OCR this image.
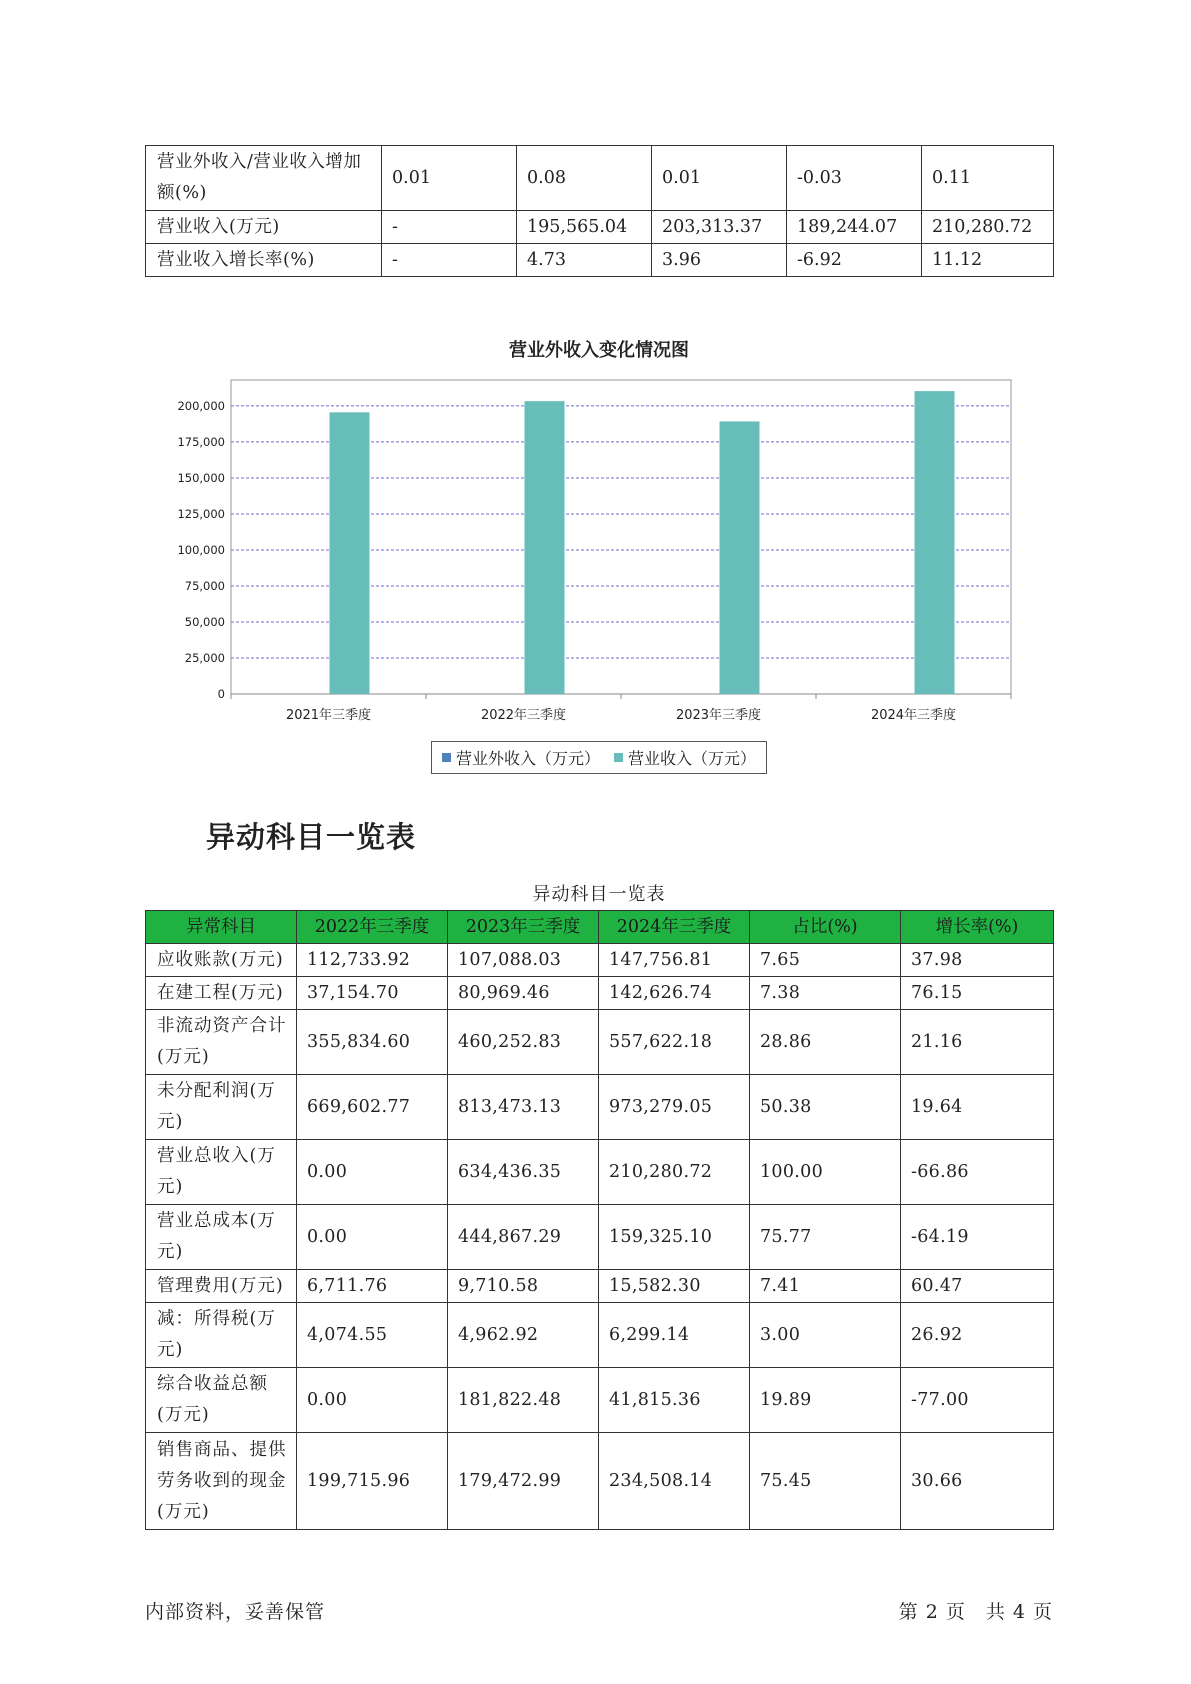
营业外收入/营业收入增加额(%)	0.01	0.08	0.01	-0.03	0.11
营业收入(万元)	-	195,565.04	203,313.37	189,244.07	210,280.72
营业收入增长率(%)	-	4.73	3.96	-6.92	11.12
营业外收入变化情况图
0
25,000
50,000
75,000
100,000
125,000
150,000
175,000
200,000
2021年三季度	2022年三季度	2023年三季度	2024年三季度
营业外收入（万元） 营业收入（万元）
异动科目一览表
异动科目一览表
异常科目	2022年三季度	2023年三季度	2024年三季度	占比(%)	增长率(%)
应收账款(万元)	112,733.92	107,088.03	147,756.81	7.65	37.98
在建工程(万元)	37,154.70	80,969.46	142,626.74	7.38	76.15
非流动资产合计(万元)	355,834.60	460,252.83	557,622.18	28.86	21.16
未分配利润(万元)	669,602.77	813,473.13	973,279.05	50.38	19.64
营业总收入(万元)	0.00	634,436.35	210,280.72	100.00	-66.86
营业总成本(万元)	0.00	444,867.29	159,325.10	75.77	-64.19
管理费用(万元)	6,711.76	9,710.58	15,582.30	7.41	60.47
减：所得税(万元)	4,074.55	4,962.92	6,299.14	3.00	26.92
综合收益总额(万元)	0.00	181,822.48	41,815.36	19.89	-77.00
销售商品、提供劳务收到的现金(万元)	199,715.96	179,472.99	234,508.14	75.45	30.66
内部资料，妥善保管	第 2 页　共 4 页
